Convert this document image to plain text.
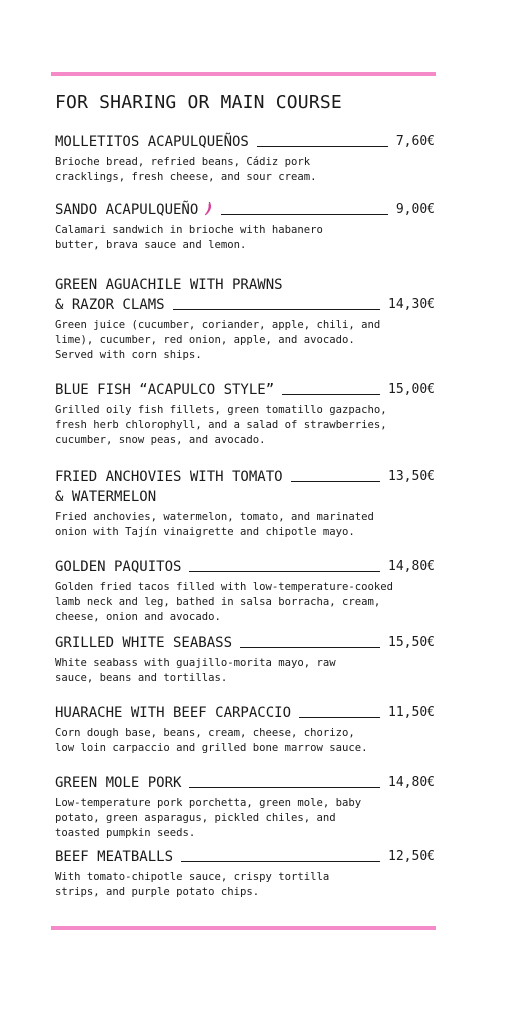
FOR SHARING OR MAIN COURSE
MOLLETITOS ACAPULQUEÑOS	7,60€
Brioche bread, refried beans, Cádiz pork
cracklings, fresh cheese, and sour cream.
SANDO ACAPULQUEÑO	9,00€
Calamari sandwich in brioche with habanero
butter, brava sauce and lemon.
GREEN AGUACHILE WITH PRAWNS
& RAZOR CLAMS	14,30€
Green juice (cucumber, coriander, apple, chili, and
lime), cucumber, red onion, apple, and avocado.
Served with corn ships.
BLUE FISH “ACAPULCO STYLE”	15,00€
Grilled oily fish fillets, green tomatillo gazpacho,
fresh herb chlorophyll, and a salad of strawberries,
cucumber, snow peas, and avocado.
FRIED ANCHOVIES WITH TOMATO	13,50€
& WATERMELON
Fried anchovies, watermelon, tomato, and marinated
onion with Tajín vinaigrette and chipotle mayo.
GOLDEN PAQUITOS	14,80€
Golden fried tacos filled with low-temperature-cooked
lamb neck and leg, bathed in salsa borracha, cream,
cheese, onion and avocado.
GRILLED WHITE SEABASS	15,50€
White seabass with guajillo-morita mayo, raw
sauce, beans and tortillas.
HUARACHE WITH BEEF CARPACCIO	11,50€
Corn dough base, beans, cream, cheese, chorizo,
low loin carpaccio and grilled bone marrow sauce.
GREEN MOLE PORK	14,80€
Low-temperature pork porchetta, green mole, baby
potato, green asparagus, pickled chiles, and
toasted pumpkin seeds.
BEEF MEATBALLS	12,50€
With tomato-chipotle sauce, crispy tortilla
strips, and purple potato chips.
